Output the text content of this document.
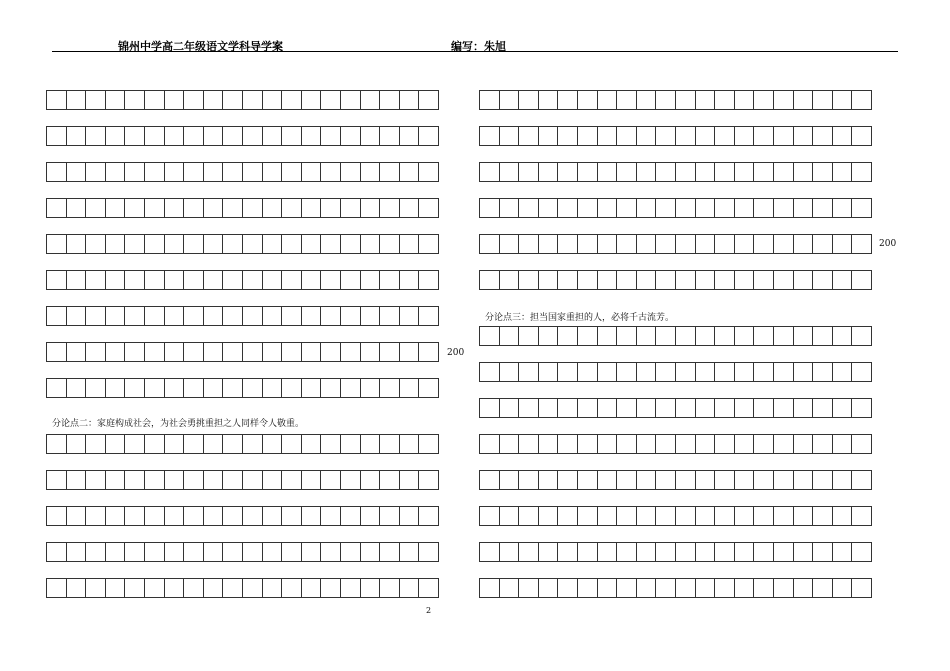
锦州中学高二年级语文学科导学案	编写：朱旭
200
分论点二：家庭构成社会，为社会勇挑重担之人同样令人敬重。
200
分论点三：担当国家重担的人，必将千古流芳。
2
